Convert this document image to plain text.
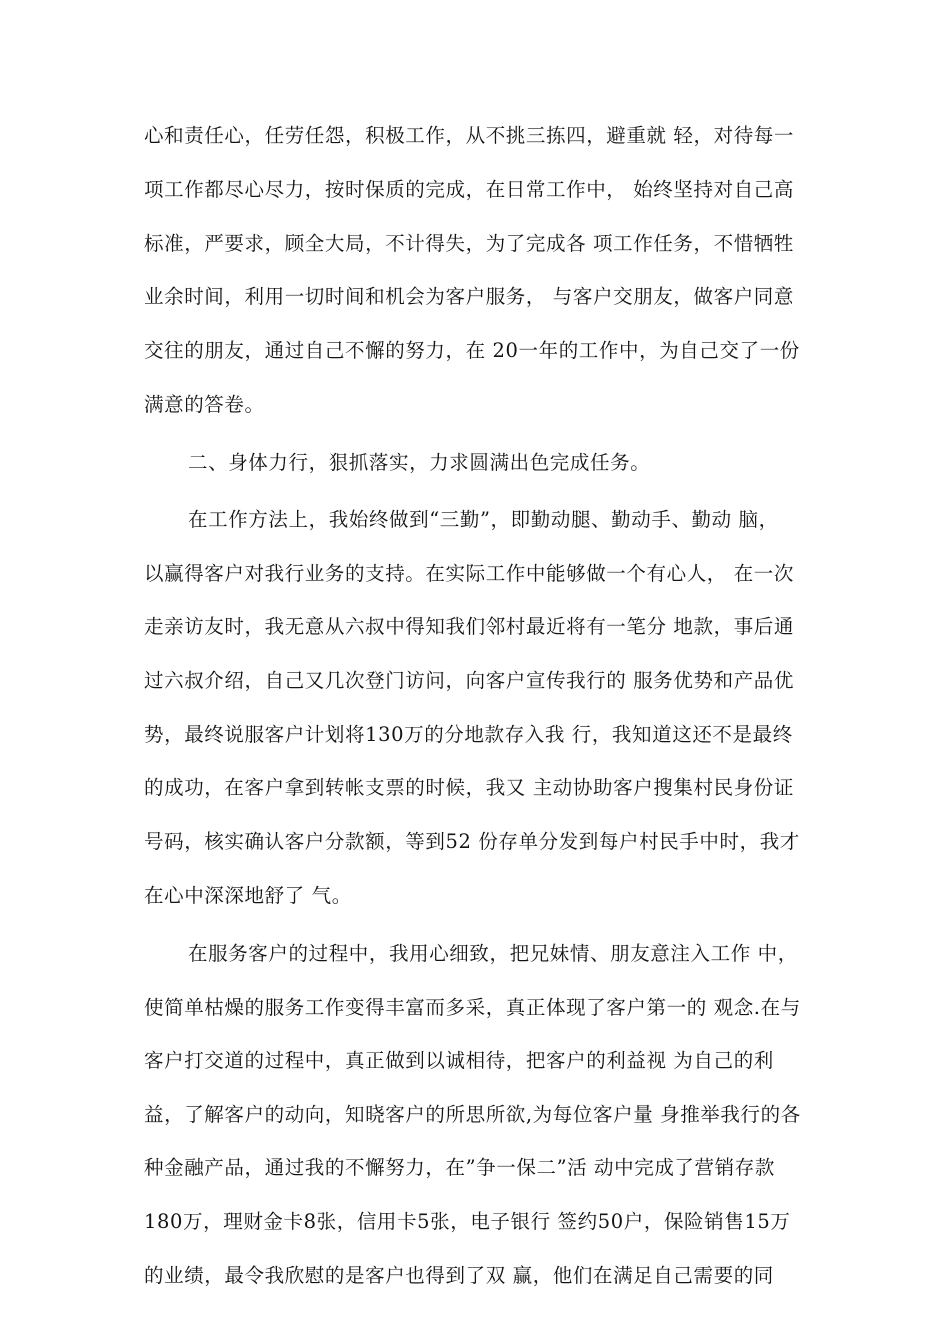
心和责任心，任劳任怨，积极工作，从不挑三拣四，避重就 轻，对待每一

项工作都尽心尽力，按时保质的完成，在日常工作中， 始终坚持对自己高

标准，严要求，顾全大局，不计得失，为了完成各 项工作任务，不惜牺牲

业余时间，利用一切时间和机会为客户服务， 与客户交朋友，做客户同意

交往的朋友，通过自己不懈的努力，在 20一年的工作中，为自己交了一份

满意的答卷。

二、身体力行，狠抓落实，力求圆满出色完成任务。

在工作方法上，我始终做到“三勤”，即勤动腿、勤动手、勤动 脑，

以赢得客户对我行业务的支持。在实际工作中能够做一个有心人， 在一次

走亲访友时，我无意从六叔中得知我们邻村最近将有一笔分 地款，事后通

过六叔介绍，自己又几次登门访问，向客户宣传我行的 服务优势和产品优

势，最终说服客户计划将130万的分地款存入我 行，我知道这还不是最终

的成功，在客户拿到转帐支票的时候，我又 主动协助客户搜集村民身份证

号码，核实确认客户分款额，等到52 份存单分发到每户村民手中时，我才

在心中深深地舒了 气。

在服务客户的过程中，我用心细致，把兄妹情、朋友意注入工作 中，

使简单枯燥的服务工作变得丰富而多采，真正体现了客户第一的 观念.在与

客户打交道的过程中，真正做到以诚相待，把客户的利益视 为自己的利

益，了解客户的动向，知晓客户的所思所欲,为每位客户量 身推举我行的各

种金融产品，通过我的不懈努力，在”争一保二”活 动中完成了营销存款

180万，理财金卡8张，信用卡5张，电子银行 签约50户，保险销售15万

的业绩，最令我欣慰的是客户也得到了双 赢，他们在满足自己需要的同
